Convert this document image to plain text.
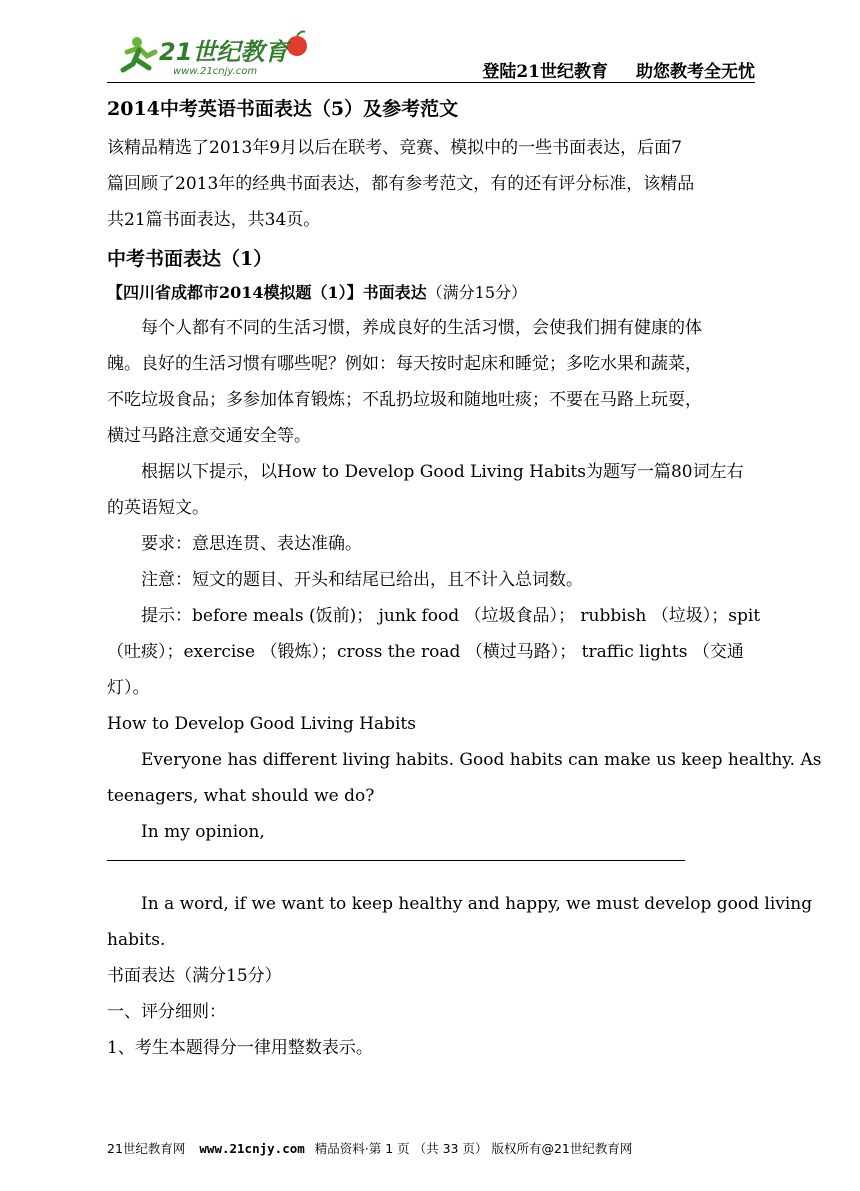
21世纪教育
www.21cnjy.com	登陆21世纪教育 助您教考全无忧
2014中考英语书面表达（5）及参考范文
该精品精选了2013年9月以后在联考、竞赛、模拟中的一些书面表达，后面7
篇回顾了2013年的经典书面表达，都有参考范文，有的还有评分标准，该精品
共21篇书面表达，共34页。
中考书面表达（1）
【四川省成都市2014模拟题（1）】书面表达（满分15分）
每个人都有不同的生活习惯，养成良好的生活习惯，会使我们拥有健康的体
魄。良好的生活习惯有哪些呢？例如：每天按时起床和睡觉；多吃水果和蔬菜，
不吃垃圾食品；多参加体育锻炼；不乱扔垃圾和随地吐痰；不要在马路上玩耍，
横过马路注意交通安全等。
根据以下提示，以How to Develop Good Living Habits为题写一篇80词左右
的英语短文。
要求：意思连贯、表达准确。
注意：短文的题目、开头和结尾已给出，且不计入总词数。
提示：before meals (饭前)； junk food （垃圾食品）； rubbish （垃圾）；spit
（吐痰）；exercise （锻炼）；cross the road （横过马路）； traffic lights （交通
灯）。
How to Develop Good Living Habits
Everyone has different living habits. Good habits can make us keep healthy. As
teenagers, what should we do?
In my opinion,
In a word, if we want to keep healthy and happy, we must develop good living
habits.
书面表达（满分15分）
一、评分细则：
1、考生本题得分一律用整数表示。
21世纪教育网 www.21cnjy.com 精品资料·第 1 页 （共 33 页） 版权所有@21世纪教育网
